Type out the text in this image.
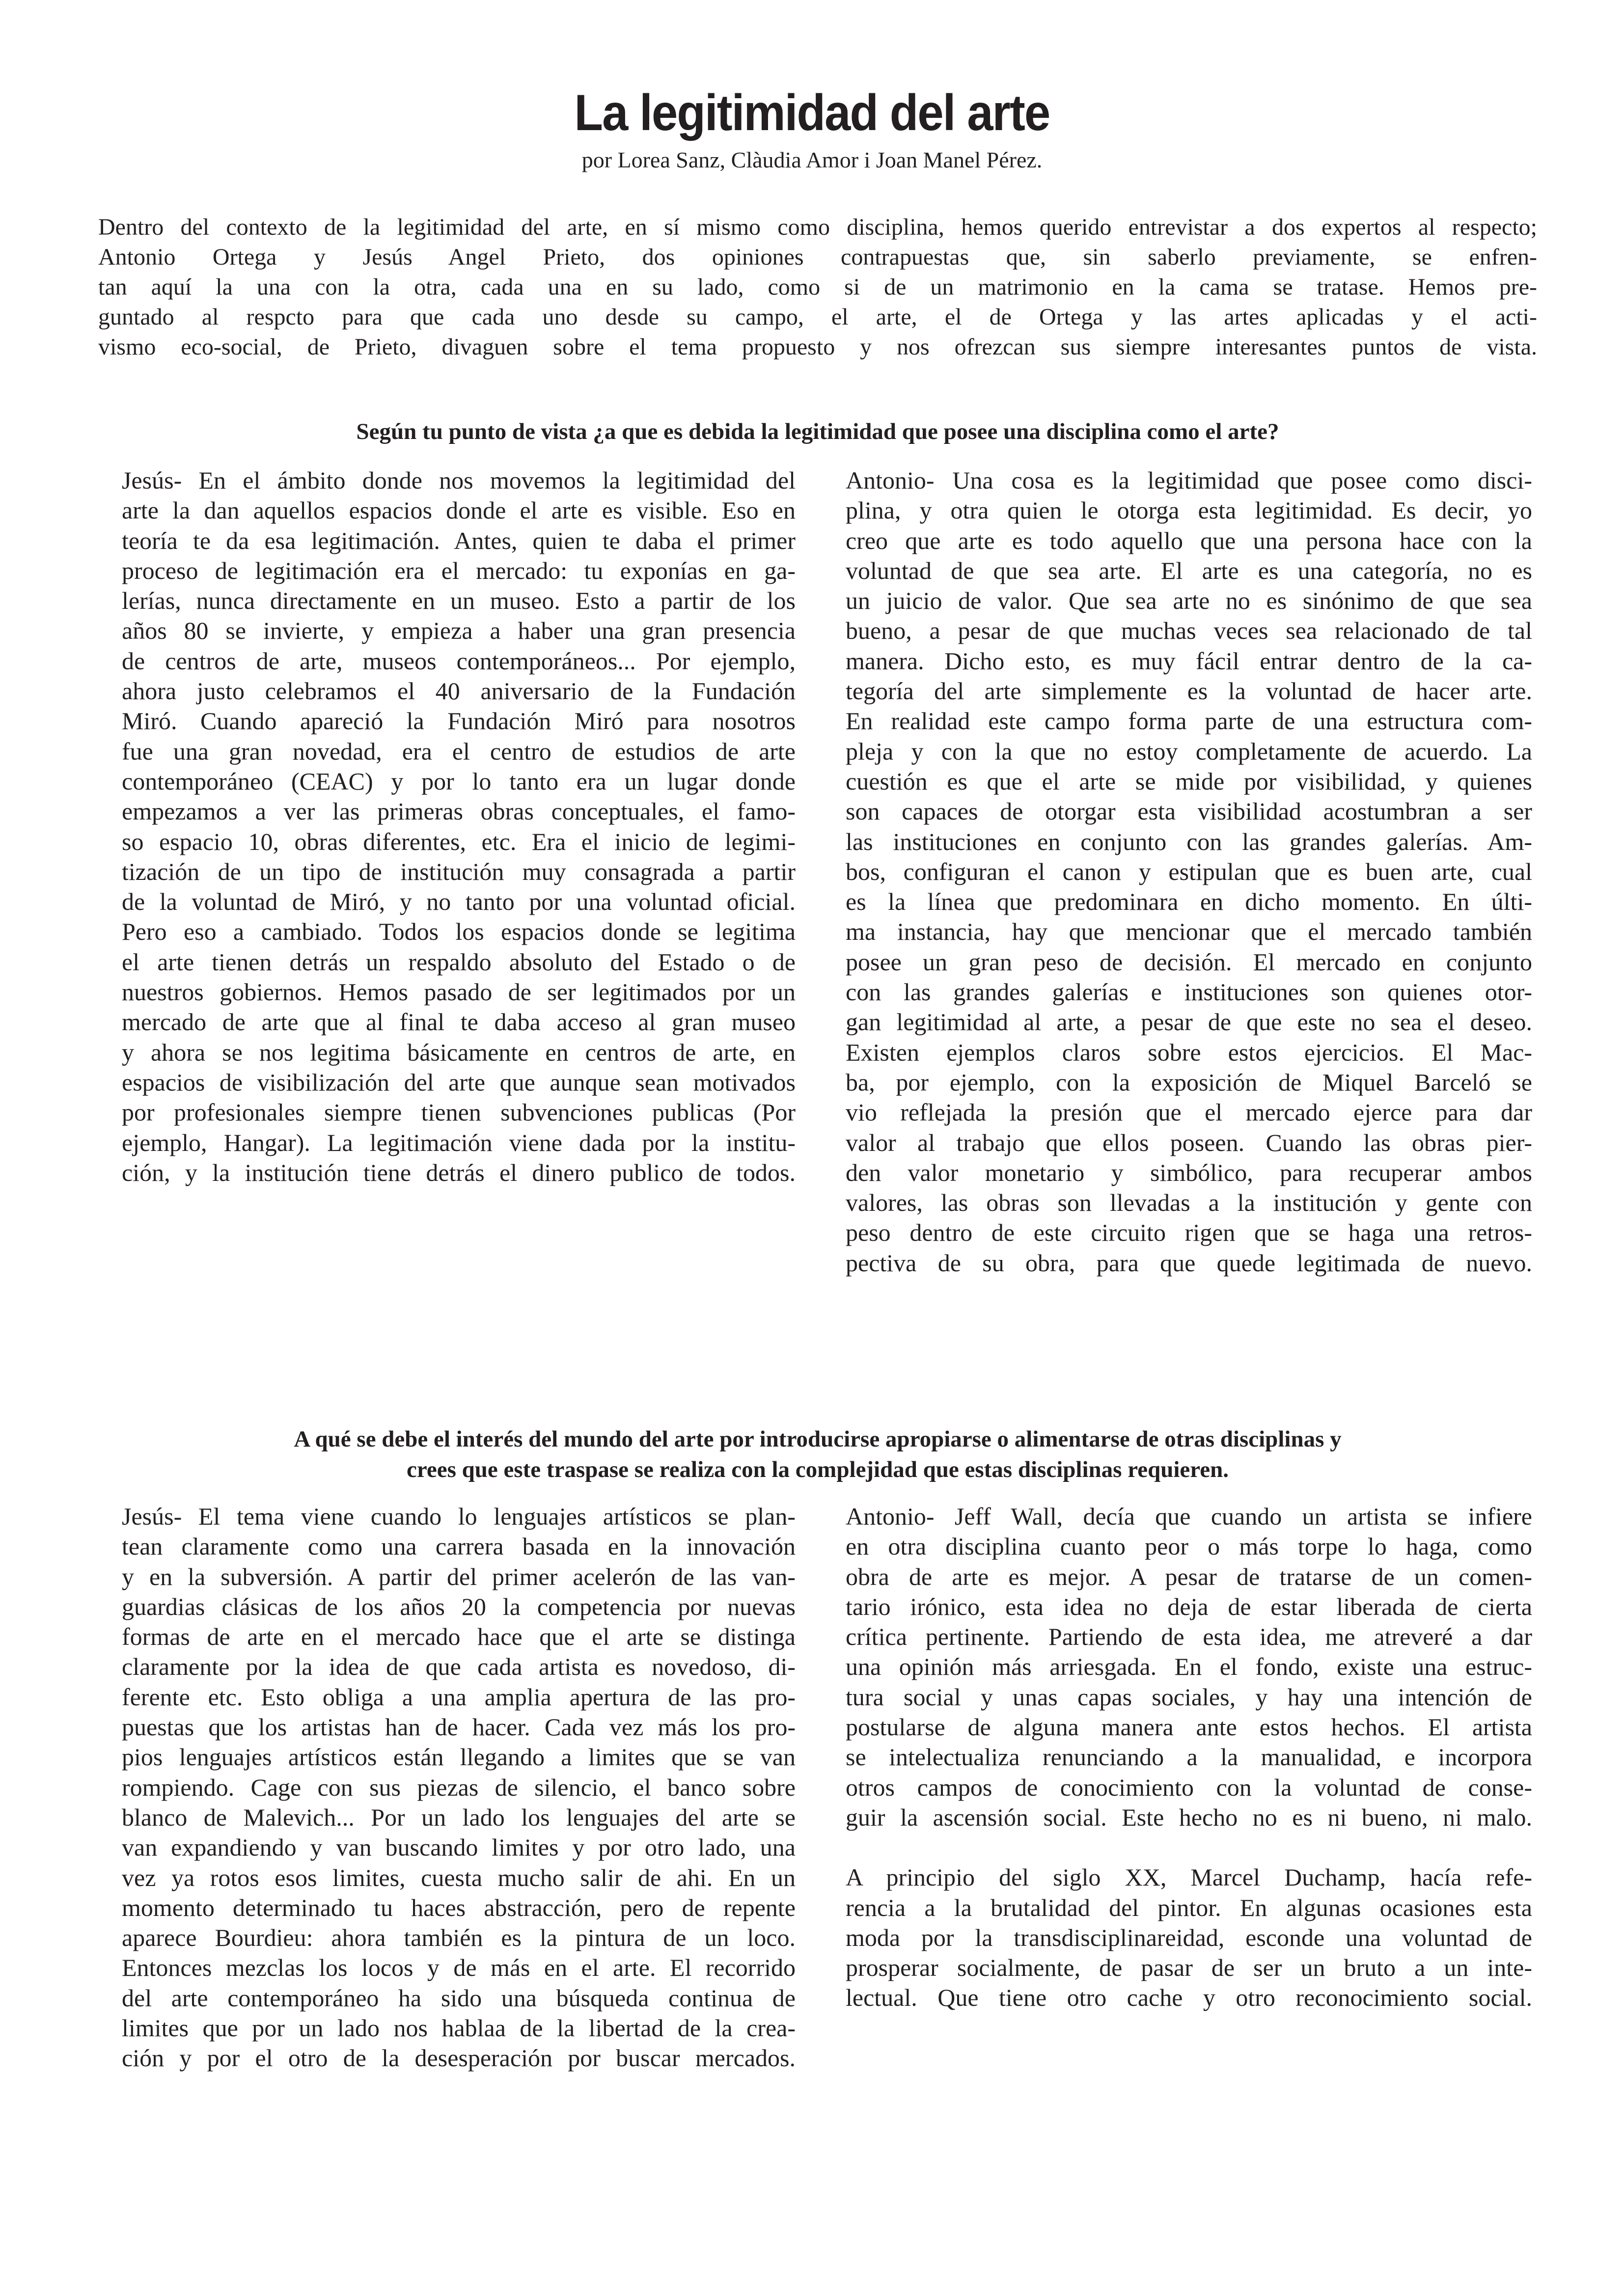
La legitimidad del arte
por Lorea Sanz, Clàudia Amor i Joan Manel Pérez.
Dentro del contexto de la legitimidad del arte, en sí mismo como disciplina, hemos querido entrevistar a dos expertos al respecto;
Antonio Ortega y Jesús Angel Prieto, dos opiniones contrapuestas que, sin saberlo previamente, se enfren-
tan aquí la una con la otra, cada una en su lado, como si de un matrimonio en la cama se tratase. Hemos pre-
guntado al respcto para que cada uno desde su campo, el arte, el de Ortega y las artes aplicadas y el acti-
vismo eco-social, de Prieto, divaguen sobre el tema propuesto y nos ofrezcan sus siempre interesantes puntos de vista.
Según tu punto de vista ¿a que es debida la legitimidad que posee una disciplina como el arte?

Jesús- En el ámbito donde nos movemos la legitimidad del
arte la dan aquellos espacios donde el arte es visible. Eso en
teoría te da esa legitimación. Antes, quien te daba el primer
proceso de legitimación era el mercado: tu exponías en ga-
lerías, nunca directamente en un museo. Esto a partir de los
años 80 se invierte, y empieza a haber una gran presencia
de centros de arte, museos contemporáneos... Por ejemplo,
ahora justo celebramos el 40 aniversario de la Fundación
Miró. Cuando apareció la Fundación Miró para nosotros
fue una gran novedad, era el centro de estudios de arte
contemporáneo (CEAC) y por lo tanto era un lugar donde
empezamos a ver las primeras obras conceptuales, el famo-
so espacio 10, obras diferentes, etc. Era el inicio de legimi-
tización de un tipo de institución muy consagrada a partir
de la voluntad de Miró, y no tanto por una voluntad oficial.
Pero eso a cambiado. Todos los espacios donde se legitima
el arte tienen detrás un respaldo absoluto del Estado o de
nuestros gobiernos. Hemos pasado de ser legitimados por un
mercado de arte que al final te daba acceso al gran museo
y ahora se nos legitima básicamente en centros de arte, en
espacios de visibilización del arte que aunque sean motivados
por profesionales siempre tienen subvenciones publicas (Por
ejemplo, Hangar). La legitimación viene dada por la institu-
ción, y la institución tiene detrás el dinero publico de todos.

Antonio- Una cosa es la legitimidad que posee como disci-
plina, y otra quien le otorga esta legitimidad. Es decir, yo
creo que arte es todo aquello que una persona hace con la
voluntad de que sea arte. El arte es una categoría, no es
un juicio de valor. Que sea arte no es sinónimo de que sea
bueno, a pesar de que muchas veces sea relacionado de tal
manera. Dicho esto, es muy fácil entrar dentro de la ca-
tegoría del arte simplemente es la voluntad de hacer arte.
En realidad este campo forma parte de una estructura com-
pleja y con la que no estoy completamente de acuerdo. La
cuestión es que el arte se mide por visibilidad, y quienes
son capaces de otorgar esta visibilidad acostumbran a ser
las instituciones en conjunto con las grandes galerías. Am-
bos, configuran el canon y estipulan que es buen arte, cual
es la línea que predominara en dicho momento. En últi-
ma instancia, hay que mencionar que el mercado también
posee un gran peso de decisión. El mercado en conjunto
con las grandes galerías e instituciones son quienes otor-
gan legitimidad al arte, a pesar de que este no sea el deseo.
Existen ejemplos claros sobre estos ejercicios. El Mac-
ba, por ejemplo, con la exposición de Miquel Barceló se
vio reflejada la presión que el mercado ejerce para dar
valor al trabajo que ellos poseen. Cuando las obras pier-
den valor monetario y simbólico, para recuperar ambos
valores, las obras son llevadas a la institución y gente con
peso dentro de este circuito rigen que se haga una retros-
pectiva de su obra, para que quede legitimada de nuevo.

A qué se debe el interés del mundo del arte por introducirse apropiarse o alimentarse de otras disciplinas y
crees que este traspase se realiza con la complejidad que estas disciplinas requieren.

Jesús- El tema viene cuando lo lenguajes artísticos se plan-
tean claramente como una carrera basada en la innovación
y en la subversión. A partir del primer acelerón de las van-
guardias clásicas de los años 20 la competencia por nuevas
formas de arte en el mercado hace que el arte se distinga
claramente por la idea de que cada artista es novedoso, di-
ferente etc. Esto obliga a una amplia apertura de las pro-
puestas que los artistas han de hacer. Cada vez más los pro-
pios lenguajes artísticos están llegando a limites que se van
rompiendo. Cage con sus piezas de silencio, el banco sobre
blanco de Malevich... Por un lado los lenguajes del arte se
van expandiendo y van buscando limites y por otro lado, una
vez ya rotos esos limites, cuesta mucho salir de ahi. En un
momento determinado tu haces abstracción, pero de repente
aparece Bourdieu: ahora también es la pintura de un loco.
Entonces mezclas los locos y de más en el arte. El recorrido
del arte contemporáneo ha sido una búsqueda continua de
limites que por un lado nos hablaa de la libertad de la crea-
ción y por el otro de la desesperación por buscar mercados.

Antonio- Jeff Wall, decía que cuando un artista se infiere
en otra disciplina cuanto peor o más torpe lo haga, como
obra de arte es mejor. A pesar de tratarse de un comen-
tario irónico, esta idea no deja de estar liberada de cierta
crítica pertinente. Partiendo de esta idea, me atreveré a dar
una opinión más arriesgada. En el fondo, existe una estruc-
tura social y unas capas sociales, y hay una intención de
postularse de alguna manera ante estos hechos. El artista
se intelectualiza renunciando a la manualidad, e incorpora
otros campos de conocimiento con la voluntad de conse-
guir la ascensión social. Este hecho no es ni bueno, ni malo.

A principio del siglo XX, Marcel Duchamp, hacía refe-
rencia a la brutalidad del pintor. En algunas ocasiones esta
moda por la transdisciplinareidad, esconde una voluntad de
prosperar socialmente, de pasar de ser un bruto a un inte-
lectual. Que tiene otro cache y otro reconocimiento social.
